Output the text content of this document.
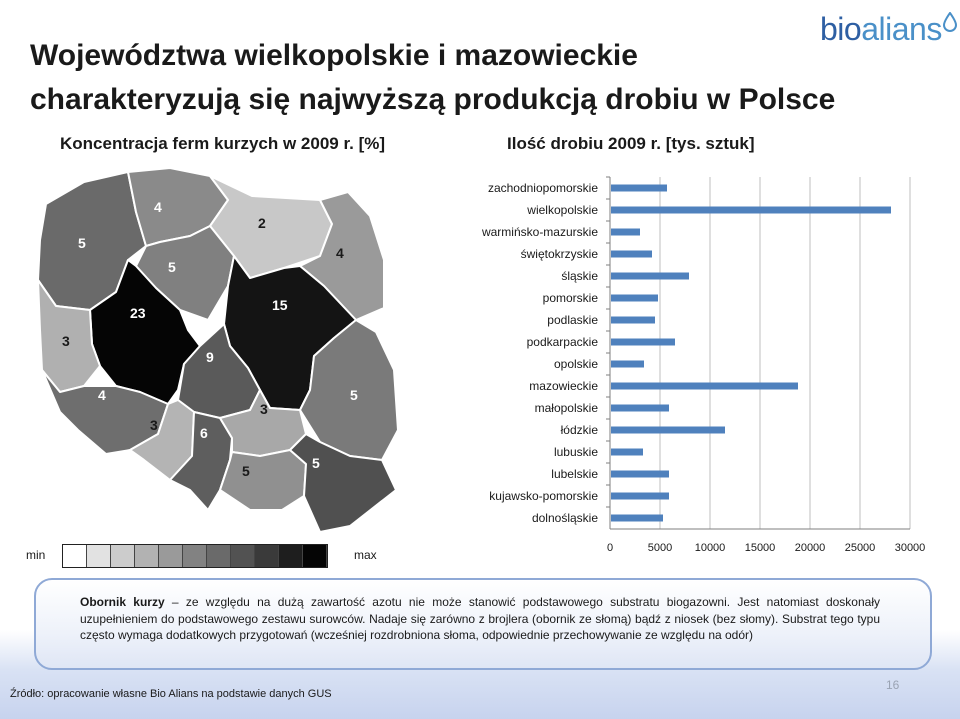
bioalians
Województwa wielkopolskie i mazowieckie
charakteryzują się najwyższą produkcją drobiu w Polsce
Koncentracja ferm kurzych w 2009 r. [%]	Ilość drobiu 2009 r. [tys. sztuk]
5
4
2
4
5
23	15
3
9
5
4
3	6
3
5	5
min	max	0	5000 10000 15000 20000 25000 30000
zachodniopomorskie
wielkopolskie
warmińsko-mazurskie
świętokrzyskie
śląskie
pomorskie
podlaskie
podkarpackie
opolskie
mazowieckie
małopolskie
łódzkie
lubuskie
lubelskie
kujawsko-pomorskie
dolnośląskie

Obornik kurzy – ze względu na dużą zawartość azotu nie może stanowić podstawowego substratu biogazowni. Jest natomiast doskonały uzupełnieniem do podstawowego zestawu surowców. Nadaje się zarówno z brojlera (obornik ze słomą) bądź z niosek (bez słomy). Substrat tego typu często wymaga dodatkowych przygotowań (wcześniej rozdrobniona słoma, odpowiednie przechowywanie ze względu na odór)

Źródło: opracowanie własne Bio Alians na podstawie danych GUS
16
